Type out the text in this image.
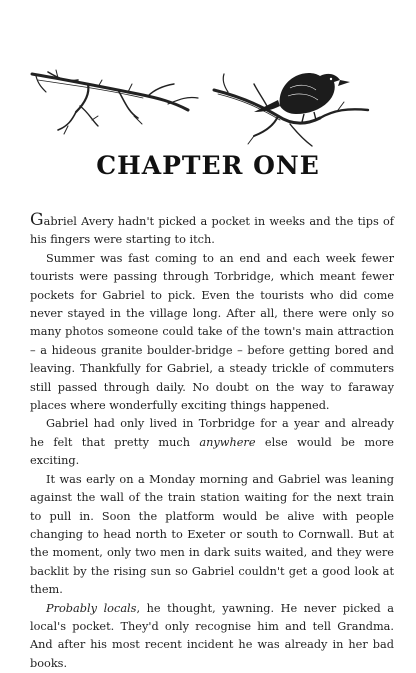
CHAPTER ONE

Gabriel Avery hadn't picked a pocket in weeks and the tips of his fingers were starting to itch.

Summer was fast coming to an end and each week fewer tourists were passing through Torbridge, which meant fewer pockets for Gabriel to pick. Even the tourists who did come never stayed in the village long. After all, there were only so many photos someone could take of the town's main attraction – a hideous granite boulder-bridge – before getting bored and leaving. Thankfully for Gabriel, a steady trickle of commuters still passed through daily. No doubt on the way to faraway places where wonderfully exciting things happened.

Gabriel had only lived in Torbridge for a year and already he felt that pretty much anywhere else would be more exciting.

It was early on a Monday morning and Gabriel was leaning against the wall of the train station waiting for the next train to pull in. Soon the platform would be alive with people changing to head north to Exeter or south to Cornwall. But at the moment, only two men in dark suits waited, and they were backlit by the rising sun so Gabriel couldn't get a good look at them.

Probably locals, he thought, yawning. He never picked a local's pocket. They'd only recognise him and tell Grandma. And after his most recent incident he was already in her bad books.
